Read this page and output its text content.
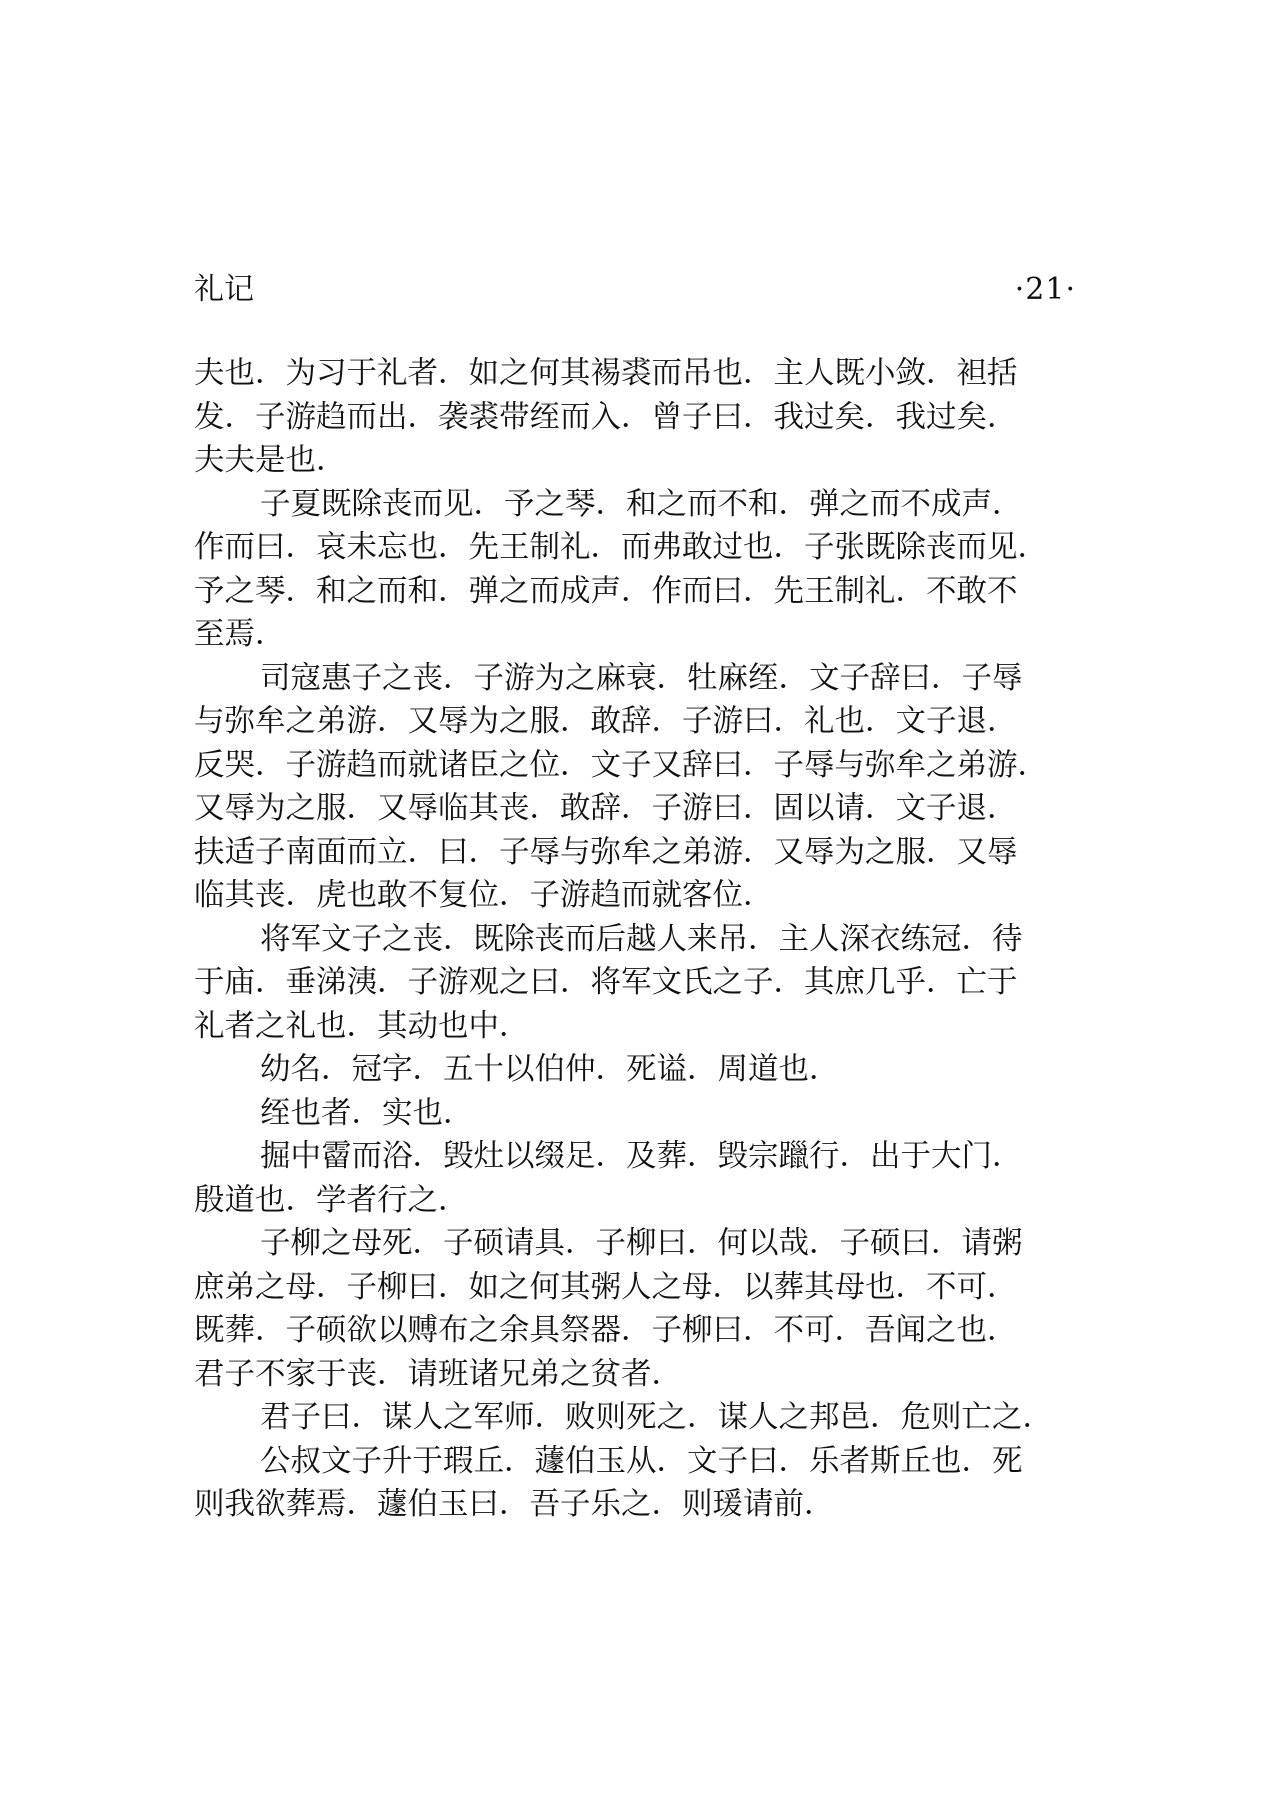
礼记	·21·
夫也．为习于礼者．如之何其裼裘而吊也．主人既小敛．袒括
发．子游趋而出．袭裘带绖而入．曾子曰．我过矣．我过矣．
夫夫是也．
子夏既除丧而见．予之琴．和之而不和．弹之而不成声．
作而曰．哀未忘也．先王制礼．而弗敢过也．子张既除丧而见．
予之琴．和之而和．弹之而成声．作而曰．先王制礼．不敢不
至焉．
司寇惠子之丧．子游为之麻衰．牡麻绖．文子辞曰．子辱
与弥牟之弟游．又辱为之服．敢辞．子游曰．礼也．文子退．
反哭．子游趋而就诸臣之位．文子又辞曰．子辱与弥牟之弟游．
又辱为之服．又辱临其丧．敢辞．子游曰．固以请．文子退．
扶适子南面而立．曰．子辱与弥牟之弟游．又辱为之服．又辱
临其丧．虎也敢不复位．子游趋而就客位．
将军文子之丧．既除丧而后越人来吊．主人深衣练冠．待
于庙．垂涕洟．子游观之曰．将军文氏之子．其庶几乎．亡于
礼者之礼也．其动也中．
幼名．冠字．五十以伯仲．死谥．周道也．
绖也者．实也．
掘中霤而浴．毁灶以缀足．及葬．毁宗躐行．出于大门．
殷道也．学者行之．
子柳之母死．子硕请具．子柳曰．何以哉．子硕曰．请粥
庶弟之母．子柳曰．如之何其粥人之母．以葬其母也．不可．
既葬．子硕欲以赙布之余具祭器．子柳曰．不可．吾闻之也．
君子不家于丧．请班诸兄弟之贫者．
君子曰．谋人之军师．败则死之．谋人之邦邑．危则亡之．
公叔文子升于瑕丘．蘧伯玉从．文子曰．乐者斯丘也．死
则我欲葬焉．蘧伯玉曰．吾子乐之．则瑗请前．
